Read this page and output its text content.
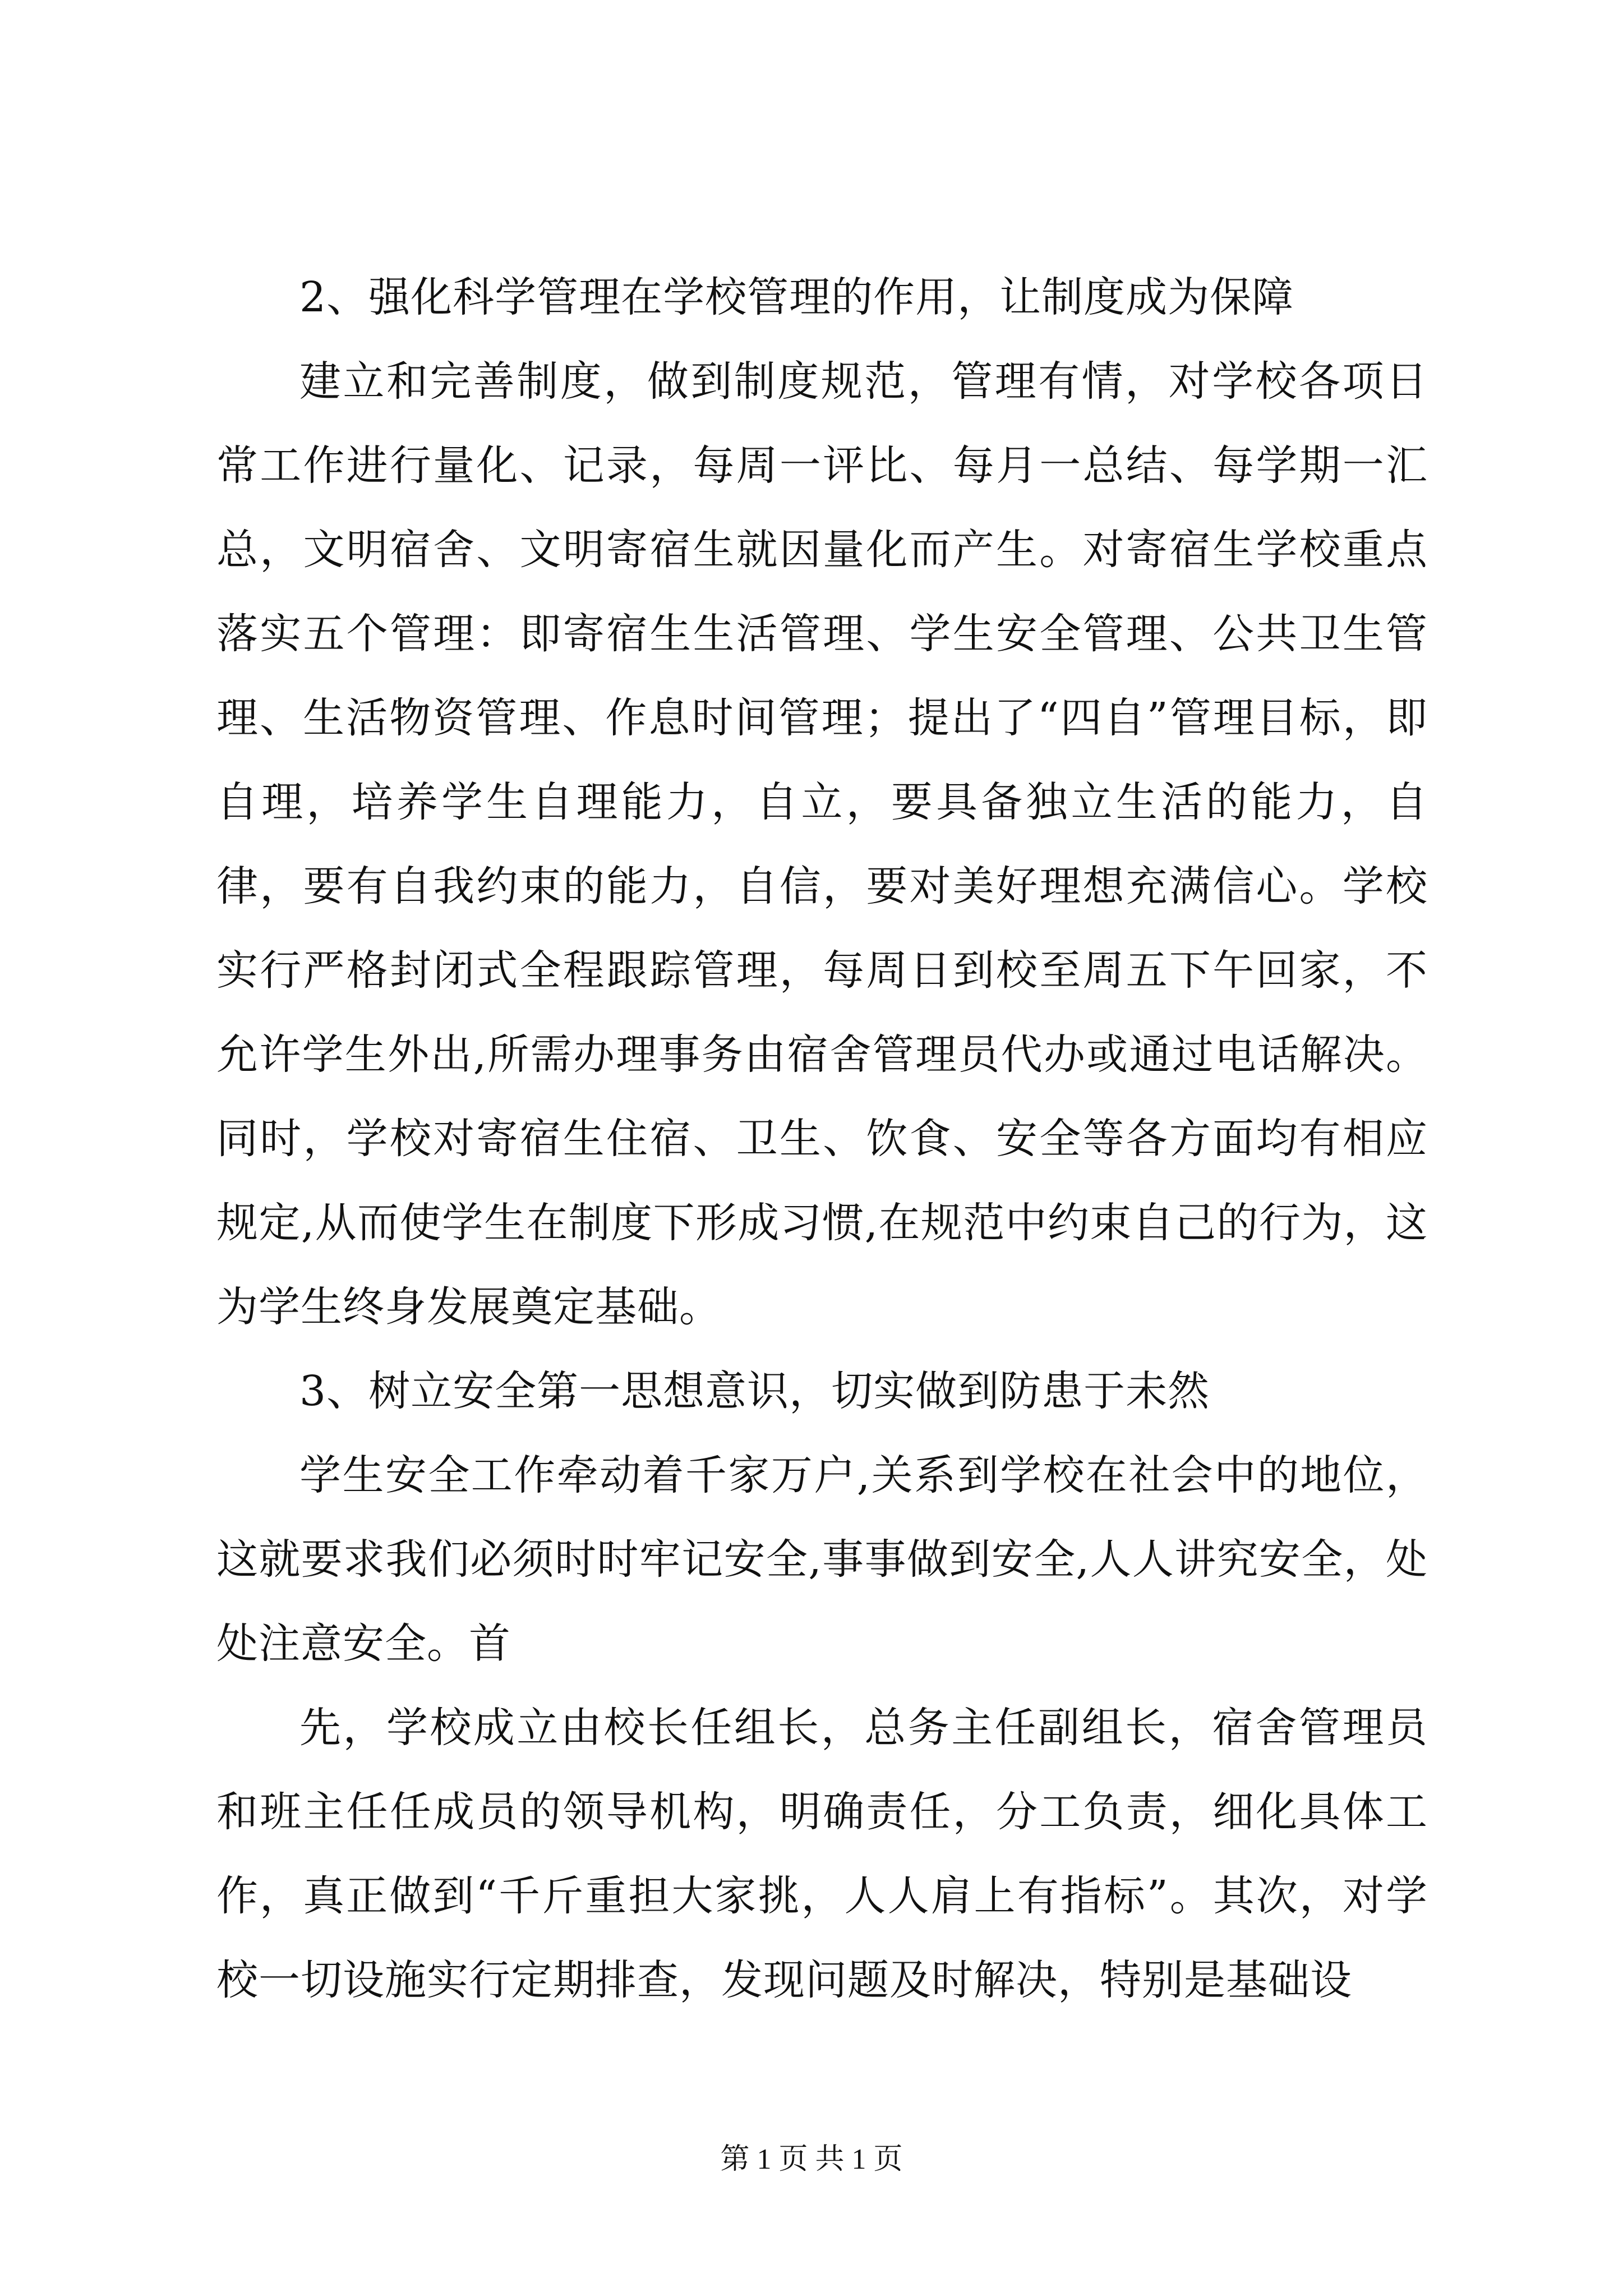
2、强化科学管理在学校管理的作用，让制度成为保障

建立和完善制度，做到制度规范，管理有情，对学校各项日常工作进行量化、记录，每周一评比、每月一总结、每学期一汇总，文明宿舍、文明寄宿生就因量化而产生。对寄宿生学校重点落实五个管理：即寄宿生生活管理、学生安全管理、公共卫生管理、生活物资管理、作息时间管理；提出了“四自”管理目标，即自理，培养学生自理能力，自立，要具备独立生活的能力，自律，要有自我约束的能力，自信，要对美好理想充满信心。学校实行严格封闭式全程跟踪管理，每周日到校至周五下午回家，不允许学生外出,所需办理事务由宿舍管理员代办或通过电话解决。同时，学校对寄宿生住宿、卫生、饮食、安全等各方面均有相应规定,从而使学生在制度下形成习惯,在规范中约束自己的行为，这为学生终身发展奠定基础。

3、树立安全第一思想意识，切实做到防患于未然

学生安全工作牵动着千家万户,关系到学校在社会中的地位，这就要求我们必须时时牢记安全,事事做到安全,人人讲究安全，处处注意安全。首

先，学校成立由校长任组长，总务主任副组长，宿舍管理员和班主任任成员的领导机构，明确责任，分工负责，细化具体工作，真正做到“千斤重担大家挑，人人肩上有指标”。其次，对学校一切设施实行定期排查，发现问题及时解决，特别是基础设

第 1 页 共 1 页
